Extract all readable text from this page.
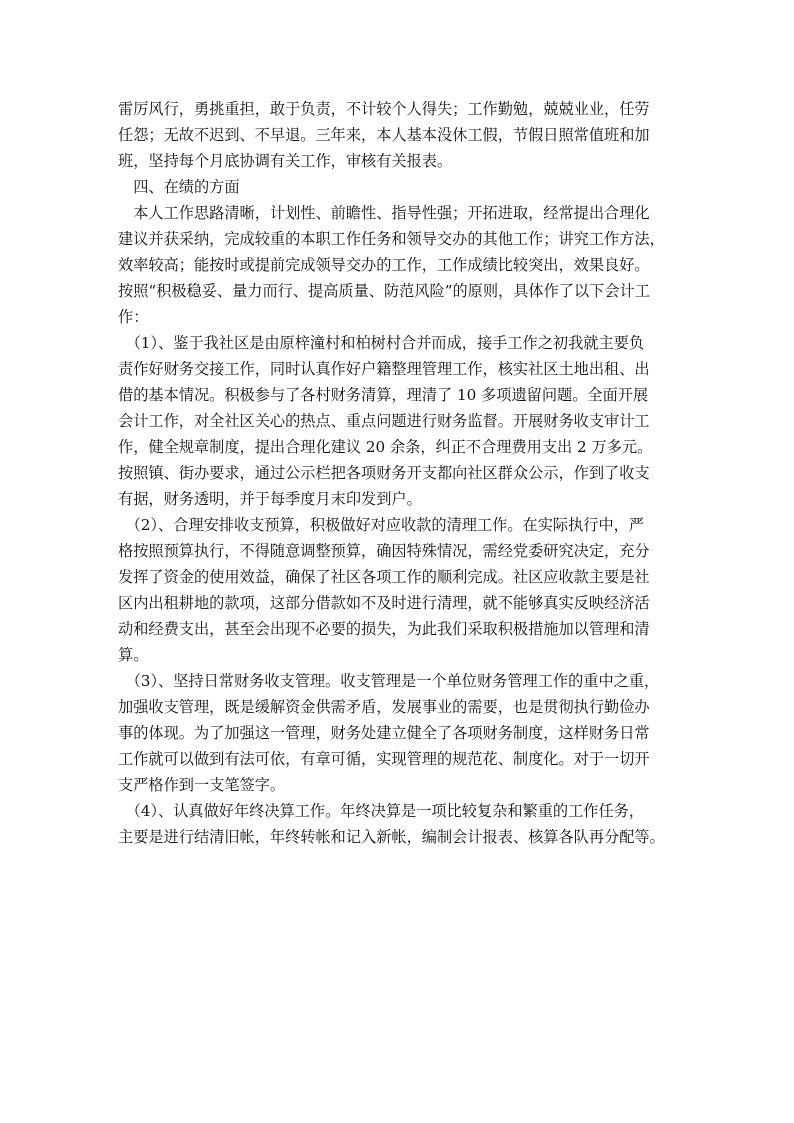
雷厉风行，勇挑重担，敢于负责，不计较个人得失；工作勤勉，兢兢业业，任劳
任怨；无故不迟到、不早退。三年来，本人基本没休工假，节假日照常值班和加
班，坚持每个月底协调有关工作，审核有关报表。
　四、在绩的方面
　本人工作思路清晰，计划性、前瞻性、指导性强；开拓进取，经常提出合理化
建议并获采纳，完成较重的本职工作任务和领导交办的其他工作；讲究工作方法，
效率较高；能按时或提前完成领导交办的工作，工作成绩比较突出，效果良好。
按照“积极稳妥、量力而行、提高质量、防范风险”的原则，具体作了以下会计工
作：
　（1）、鉴于我社区是由原梓潼村和柏树村合并而成，接手工作之初我就主要负
责作好财务交接工作，同时认真作好户籍整理管理工作，核实社区土地出租、出
借的基本情况。积极参与了各村财务清算，理清了 10 多项遗留问题。全面开展
会计工作，对全社区关心的热点、重点问题进行财务监督。开展财务收支审计工
作，健全规章制度，提出合理化建议 20 余条，纠正不合理费用支出 2 万多元。
按照镇、街办要求，通过公示栏把各项财务开支都向社区群众公示，作到了收支
有据，财务透明，并于每季度月末印发到户。
　（2）、合理安排收支预算，积极做好对应收款的清理工作。在实际执行中，严
格按照预算执行，不得随意调整预算，确因特殊情况，需经党委研究决定，充分
发挥了资金的使用效益，确保了社区各项工作的顺利完成。社区应收款主要是社
区内出租耕地的款项，这部分借款如不及时进行清理，就不能够真实反映经济活
动和经费支出，甚至会出现不必要的损失，为此我们采取积极措施加以管理和清
算。
　（3）、坚持日常财务收支管理。收支管理是一个单位财务管理工作的重中之重，
加强收支管理，既是缓解资金供需矛盾，发展事业的需要，也是贯彻执行勤俭办
事的体现。为了加强这一管理，财务处建立健全了各项财务制度，这样财务日常
工作就可以做到有法可依，有章可循，实现管理的规范花、制度化。对于一切开
支严格作到一支笔签字。
　（4）、认真做好年终决算工作。年终决算是一项比较复杂和繁重的工作任务，
主要是进行结清旧帐，年终转帐和记入新帐，编制会计报表、核算各队再分配等。
